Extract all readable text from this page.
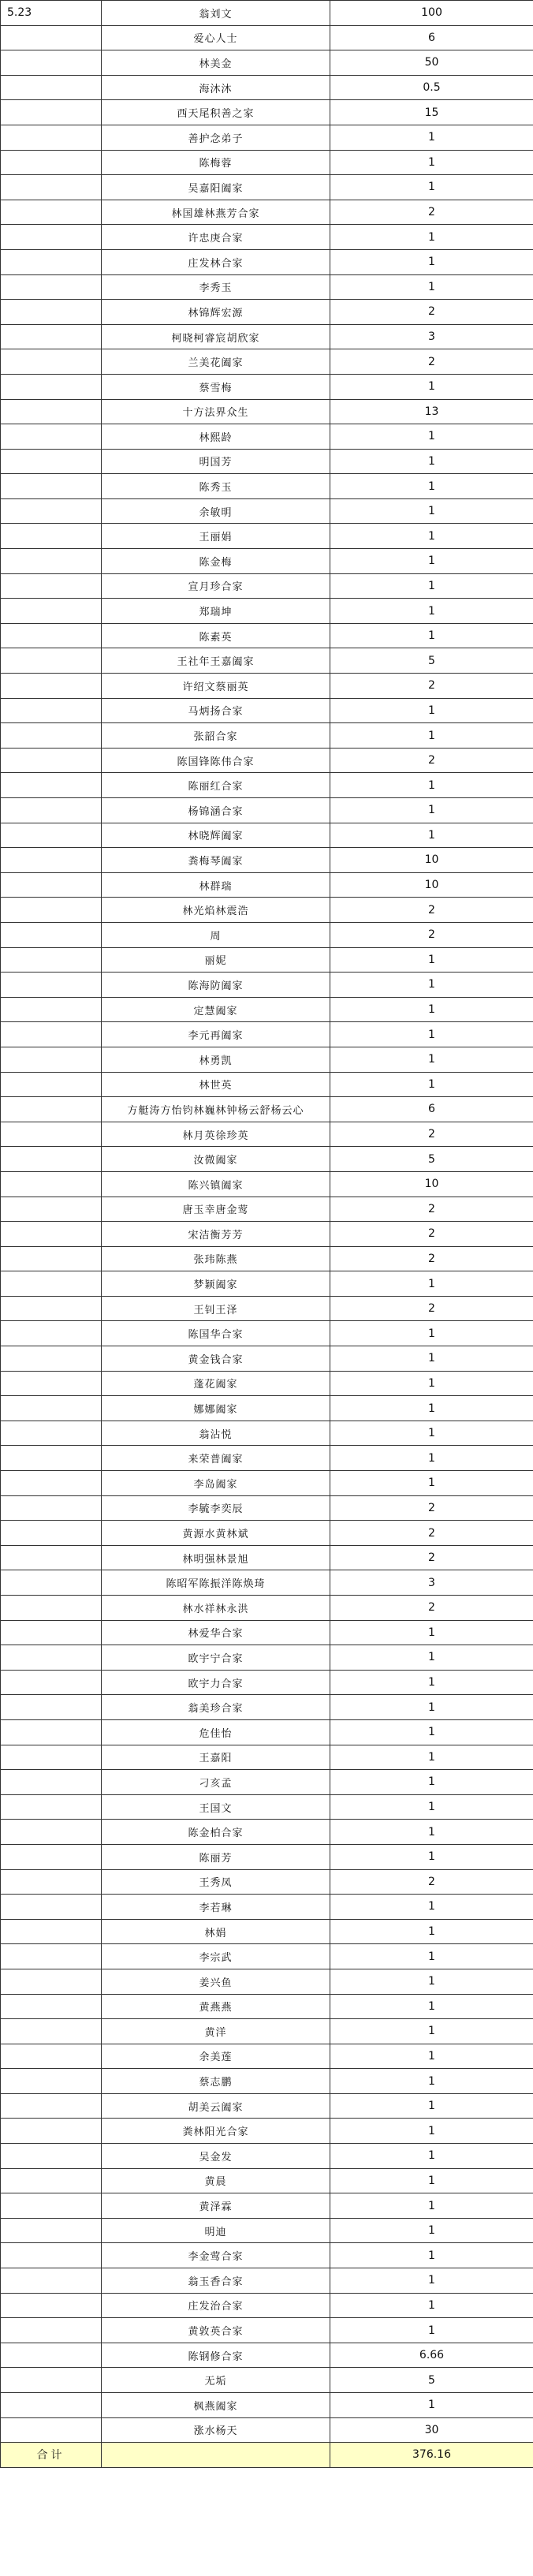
5.23	翁刘文	100
	爱心人士	6
	林美金	50
	海沐沐	0.5
	西天尾积善之家	15
	善护念弟子	1
	陈梅蓉	1
	吴嘉阳阖家	1
	林国雄林燕芳合家	2
	许忠庚合家	1
	庄发林合家	1
	李秀玉	1
	林锦辉宏源	2
	柯晓柯睿宸胡欣家	3
	兰美花阖家	2
	蔡雪梅	1
	十方法界众生	13
	林熙龄	1
	明国芳	1
	陈秀玉	1
	余敏明	1
	王丽娟	1
	陈金梅	1
	宣月珍合家	1
	郑瑞坤	1
	陈素英	1
	王社年王嘉阖家	5
	许绍文蔡丽英	2
	马炳扬合家	1
	张韶合家	1
	陈国锋陈伟合家	2
	陈丽红合家	1
	杨锦涵合家	1
	林晓辉阖家	1
	粪梅琴阖家	10
	林群瑞	10
	林光焰林震浩	2
	周	2
	丽妮	1
	陈海防阖家	1
	定慧阖家	1
	李元再阖家	1
	林勇凯	1
	林世英	1
	方艇涛方怡钧林巍林钟杨云舒杨云心	6
	林月英徐珍英	2
	汝微阖家	5
	陈兴镇阖家	10
	唐玉幸唐金莺	2
	宋洁衡芳芳	2
	张玮陈燕	2
	梦颖阖家	1
	王钊王泽	2
	陈国华合家	1
	黄金钱合家	1
	蓬花阖家	1
	娜娜阖家	1
	翁沾悦	1
	来荣普阖家	1
	李岛阖家	1
	李毓李奕辰	2
	黄源水黄林斌	2
	林明强林景旭	2
	陈昭军陈振洋陈焕琦	3
	林水祥林永洪	2
	林爱华合家	1
	欧宇宁合家	1
	欧宇力合家	1
	翁美珍合家	1
	危佳怡	1
	王嘉阳	1
	刁亥孟	1
	王国文	1
	陈金柏合家	1
	陈丽芳	1
	王秀凤	2
	李若琳	1
	林娟	1
	李宗武	1
	姜兴鱼	1
	黄燕燕	1
	黄洋	1
	余美莲	1
	蔡志鹏	1
	胡美云阖家	1
	粪林阳光合家	1
	吴金发	1
	黄晨	1
	黄泽霖	1
	明迪	1
	李金莺合家	1
	翁玉香合家	1
	庄发治合家	1
	黄敦英合家	1
	陈钢修合家	6.66
	无垢	5
	枫燕阖家	1
	涨水杨天	30
合计		376.16
